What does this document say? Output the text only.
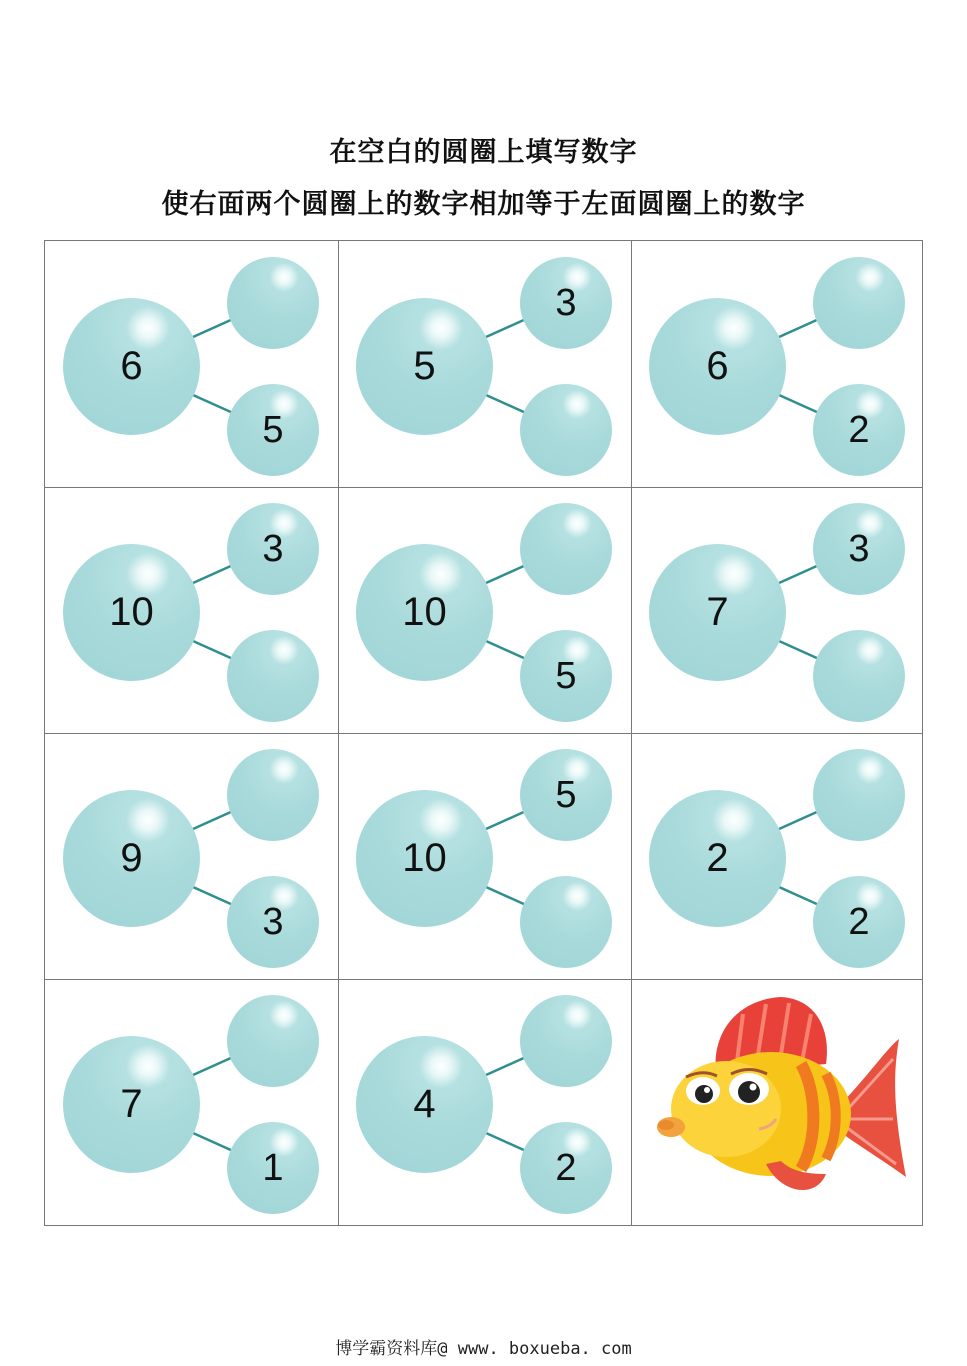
在空白的圆圈上填写数字
使右面两个圆圈上的数字相加等于左面圆圈上的数字
6
5
5
3
6
2
10
3
10
5
7
3
9
3
10
5
2
2
7
1
4
2
博学霸资料库@ www. boxueba. com
